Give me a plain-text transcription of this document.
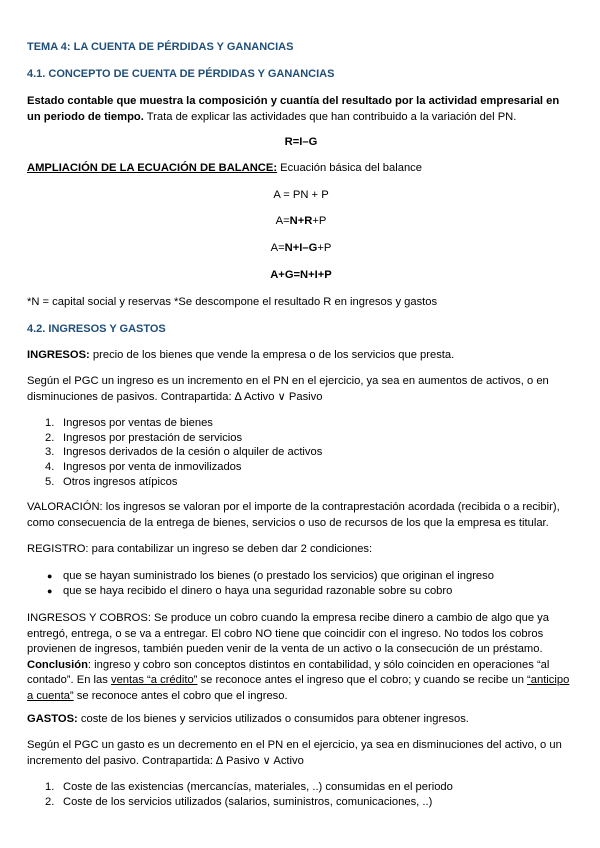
TEMA 4: LA CUENTA DE PÉRDIDAS Y GANANCIAS
4.1. CONCEPTO DE CUENTA DE PÉRDIDAS Y GANANCIAS
Estado contable que muestra la composición y cuantía del resultado por la actividad empresarial en un periodo de tiempo. Trata de explicar las actividades que han contribuido a la variación del PN.
R=I–G
AMPLIACIÓN DE LA ECUACIÓN DE BALANCE: Ecuación básica del balance
A = PN + P
A=N+R+P
A=N+I–G+P
A+G=N+I+P
*N = capital social y reservas *Se descompone el resultado R en ingresos y gastos
4.2. INGRESOS Y GASTOS
INGRESOS: precio de los bienes que vende la empresa o de los servicios que presta.
Según el PGC un ingreso es un incremento en el PN en el ejercicio, ya sea en aumentos de activos, o en disminuciones de pasivos. Contrapartida: ∆ Activo ∨ Pasivo
1. Ingresos por ventas de bienes
2. Ingresos por prestación de servicios
3. Ingresos derivados de la cesión o alquiler de activos
4. Ingresos por venta de inmovilizados
5. Otros ingresos atípicos
VALORACIÓN: los ingresos se valoran por el importe de la contraprestación acordada (recibida o a recibir), como consecuencia de la entrega de bienes, servicios o uso de recursos de los que la empresa es titular.
REGISTRO: para contabilizar un ingreso se deben dar 2 condiciones:
● que se hayan suministrado los bienes (o prestado los servicios) que originan el ingreso
● que se haya recibido el dinero o haya una seguridad razonable sobre su cobro
INGRESOS Y COBROS: Se produce un cobro cuando la empresa recibe dinero a cambio de algo que ya entregó, entrega, o se va a entregar. El cobro NO tiene que coincidir con el ingreso. No todos los cobros provienen de ingresos, también pueden venir de la venta de un activo o la consecución de un préstamo. Conclusión: ingreso y cobro son conceptos distintos en contabilidad, y sólo coinciden en operaciones “al contado”. En las ventas “a crédito” se reconoce antes el ingreso que el cobro; y cuando se recibe un “anticipo a cuenta” se reconoce antes el cobro que el ingreso.
GASTOS: coste de los bienes y servicios utilizados o consumidos para obtener ingresos.
Según el PGC un gasto es un decremento en el PN en el ejercicio, ya sea en disminuciones del activo, o un incremento del pasivo. Contrapartida: ∆ Pasivo ∨ Activo
1. Coste de las existencias (mercancías, materiales, ..) consumidas en el periodo
2. Coste de los servicios utilizados (salarios, suministros, comunicaciones, ..)
